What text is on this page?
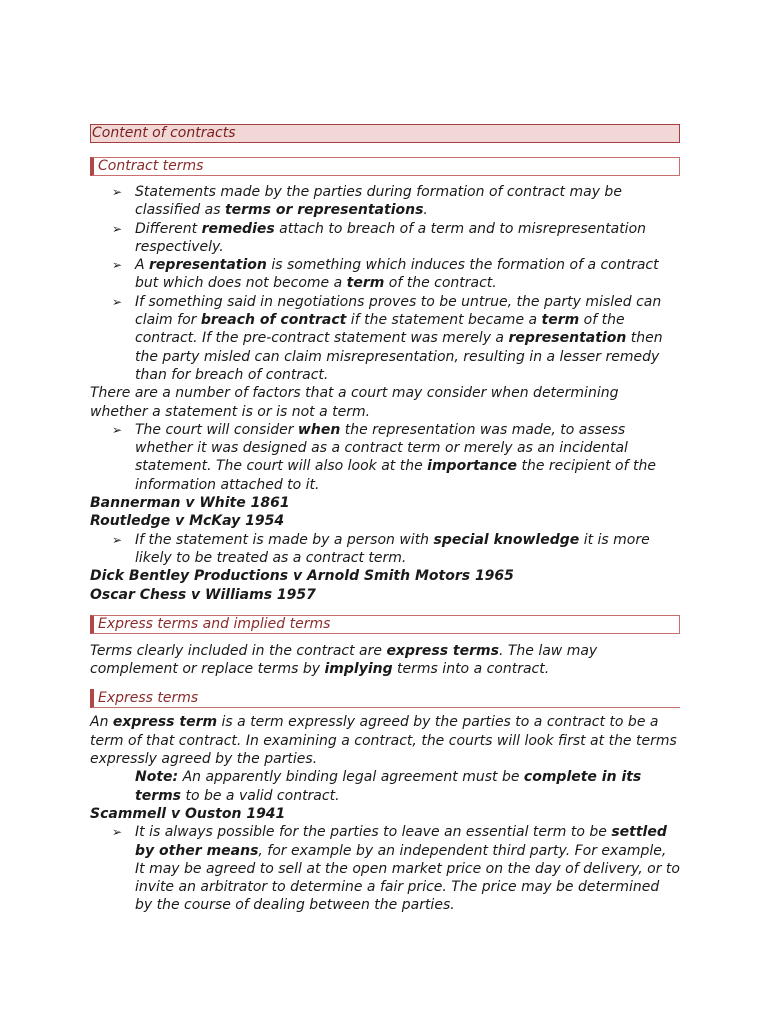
Content of contracts
Contract terms
➢ Statements made by the parties during formation of contract may be classified as terms or representations.
➢ Different remedies attach to breach of a term and to misrepresentation respectively.
➢ A representation is something which induces the formation of a contract but which does not become a term of the contract.
➢ If something said in negotiations proves to be untrue, the party misled can claim for breach of contract if the statement became a term of the contract. If the pre-contract statement was merely a representation then the party misled can claim misrepresentation, resulting in a lesser remedy than for breach of contract.

There are a number of factors that a court may consider when determining whether a statement is or is not a term.

➢ The court will consider when the representation was made, to assess whether it was designed as a contract term or merely as an incidental statement. The court will also look at the importance the recipient of the information attached to it.

Bannerman v White 1861

Routledge v McKay 1954

➢ If the statement is made by a person with special knowledge it is more likely to be treated as a contract term.

Dick Bentley Productions v Arnold Smith Motors 1965

Oscar Chess v Williams 1957

Express terms and implied terms

Terms clearly included in the contract are express terms. The law may complement or replace terms by implying terms into a contract.

Express terms

An express term is a term expressly agreed by the parties to a contract to be a term of that contract. In examining a contract, the courts will look first at the terms expressly agreed by the parties.

Note: An apparently binding legal agreement must be complete in its terms to be a valid contract.

Scammell v Ouston 1941

➢ It is always possible for the parties to leave an essential term to be settled by other means, for example by an independent third party. For example, It may be agreed to sell at the open market price on the day of delivery, or to invite an arbitrator to determine a fair price. The price may be determined by the course of dealing between the parties.
